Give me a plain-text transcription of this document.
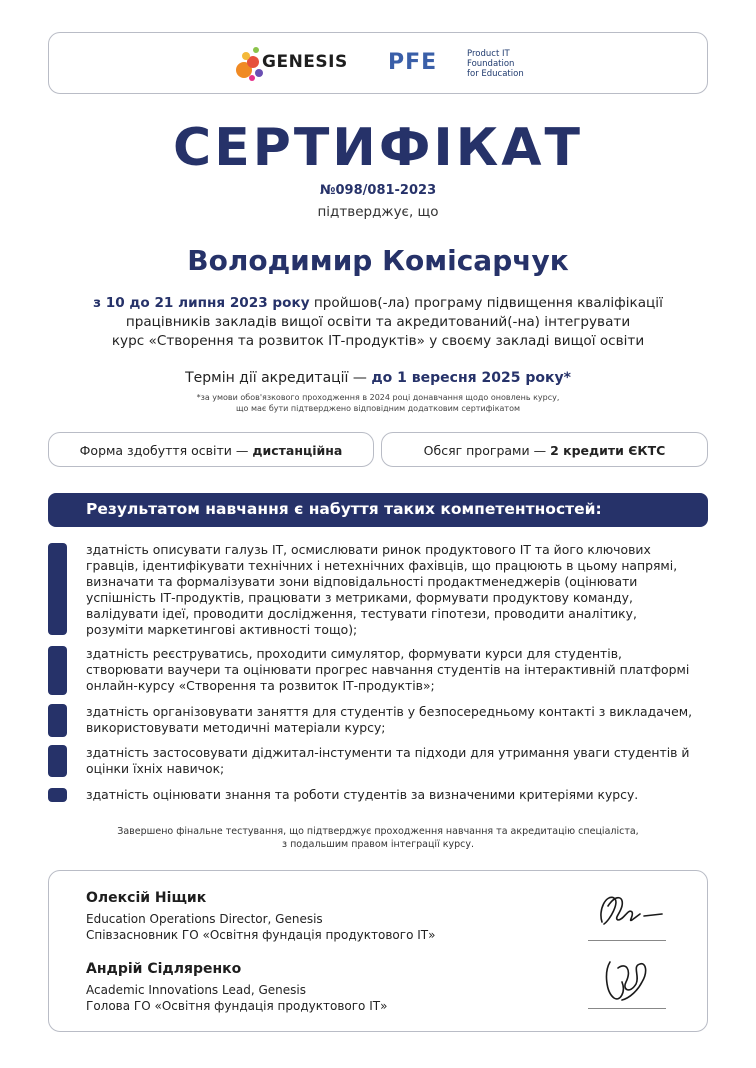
GENESIS PFE	Product IT
Foundation
for Education
СЕРТИФІКАТ
№098/081-2023
підтверджує, що
Володимир Комісарчук
з 10 до 21 липня 2023 року пройшов(-ла) програму підвищення кваліфікації
працівників закладів вищої освіти та акредитований(-на) інтегрувати
курс «Створення та розвиток ІТ-продуктів» у своєму закладі вищої освіти
Термін дії акредитації — до 1 вересня 2025 року*
*за умови обов'язкового проходження в 2024 році донавчання щодо оновлень курсу,
що має бути підтверджено відповідним додатковим сертифікатом
Форма здобуття освіти — дистанційна	Обсяг програми — 2 кредити ЄКТС
Результатом навчання є набуття таких компетентностей:
здатність описувати галузь ІТ, осмислювати ринок продуктового ІТ та його ключових гравців, ідентифікувати технічних і нетехнічних фахівців, що працюють в цьому напрямі, визначати та формалізувати зони відповідальності продактменеджерів (оцінювати успішність ІТ-продуктів, працювати з метриками, формувати продуктову команду, валідувати ідеї, проводити дослідження, тестувати гіпотези, проводити аналітику, розуміти маркетингові активності тощо);
здатність реєструватись, проходити симулятор, формувати курси для студентів, створювати ваучери та оцінювати прогрес навчання студентів на інтерактивній платформі онлайн-курсу «Створення та розвиток ІТ-продуктів»;
здатність організовувати заняття для студентів у безпосередньому контакті з викладачем, використовувати методичні матеріали курсу;
здатність застосовувати діджитал-інстументи та підходи для утримання уваги студентів й оцінки їхніх навичок;
здатність оцінювати знання та роботи студентів за визначеними критеріями курсу.
Завершено фінальне тестування, що підтверджує проходження навчання та акредитацію спеціаліста,
з подальшим правом інтеграції курсу.
Олексій Ніщик
Education Operations Director, Genesis
Співзасновник ГО «Освітня фундація продуктового ІТ»
Андрій Сідляренко
Academic Innovations Lead, Genesis
Голова ГО «Освітня фундація продуктового ІТ»
